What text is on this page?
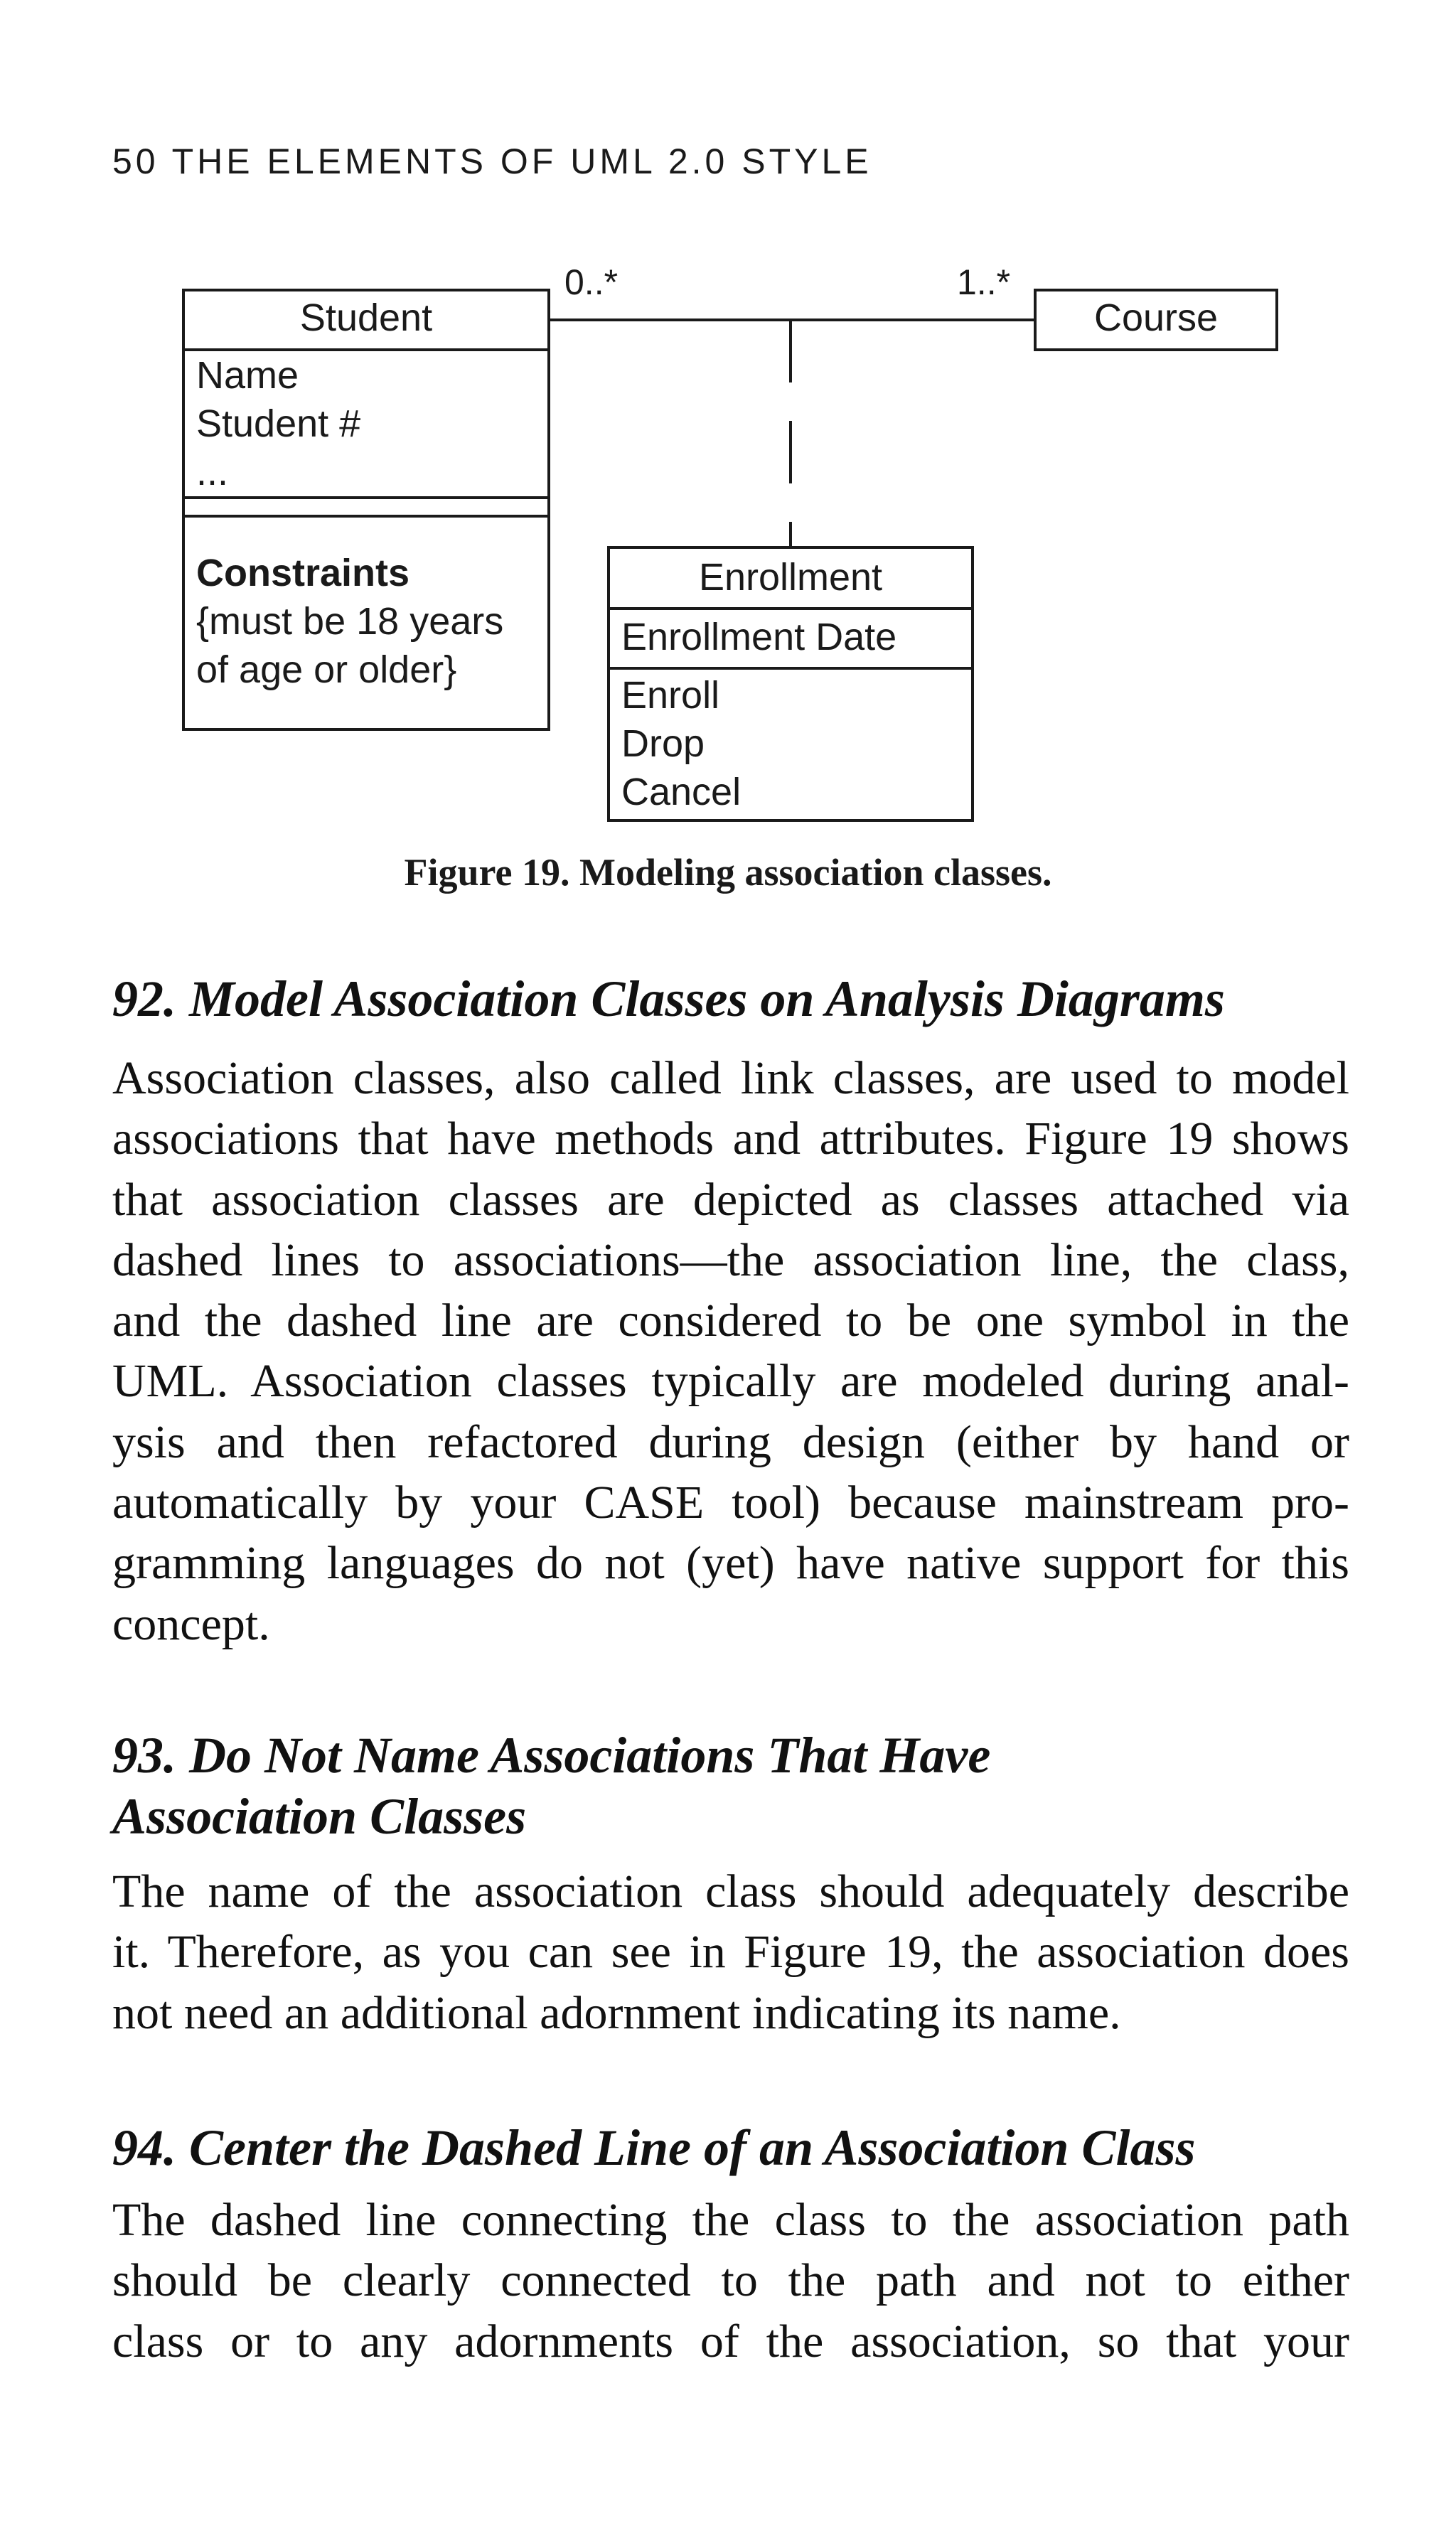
50 THE ELEMENTS OF UML 2.0 STYLE
0..*	1..*
Student
Name
Student #
...
Constraints
{must be 18 years
of age or older}
Course
Enrollment
Enrollment Date
Enroll
Drop
Cancel
Figure 19. Modeling association classes.
92. Model Association Classes on Analysis Diagrams
Association classes, also called link classes, are used to model
associations that have methods and attributes. Figure 19 shows
that association classes are depicted as classes attached via
dashed lines to associations—the association line, the class,
and the dashed line are considered to be one symbol in the
UML. Association classes typically are modeled during anal-
ysis and then refactored during design (either by hand or
automatically by your CASE tool) because mainstream pro-
gramming languages do not (yet) have native support for this
concept.
93. Do Not Name Associations That Have
Association Classes
The name of the association class should adequately describe
it. Therefore, as you can see in Figure 19, the association does
not need an additional adornment indicating its name.
94. Center the Dashed Line of an Association Class
The dashed line connecting the class to the association path
should be clearly connected to the path and not to either
class or to any adornments of the association, so that your
